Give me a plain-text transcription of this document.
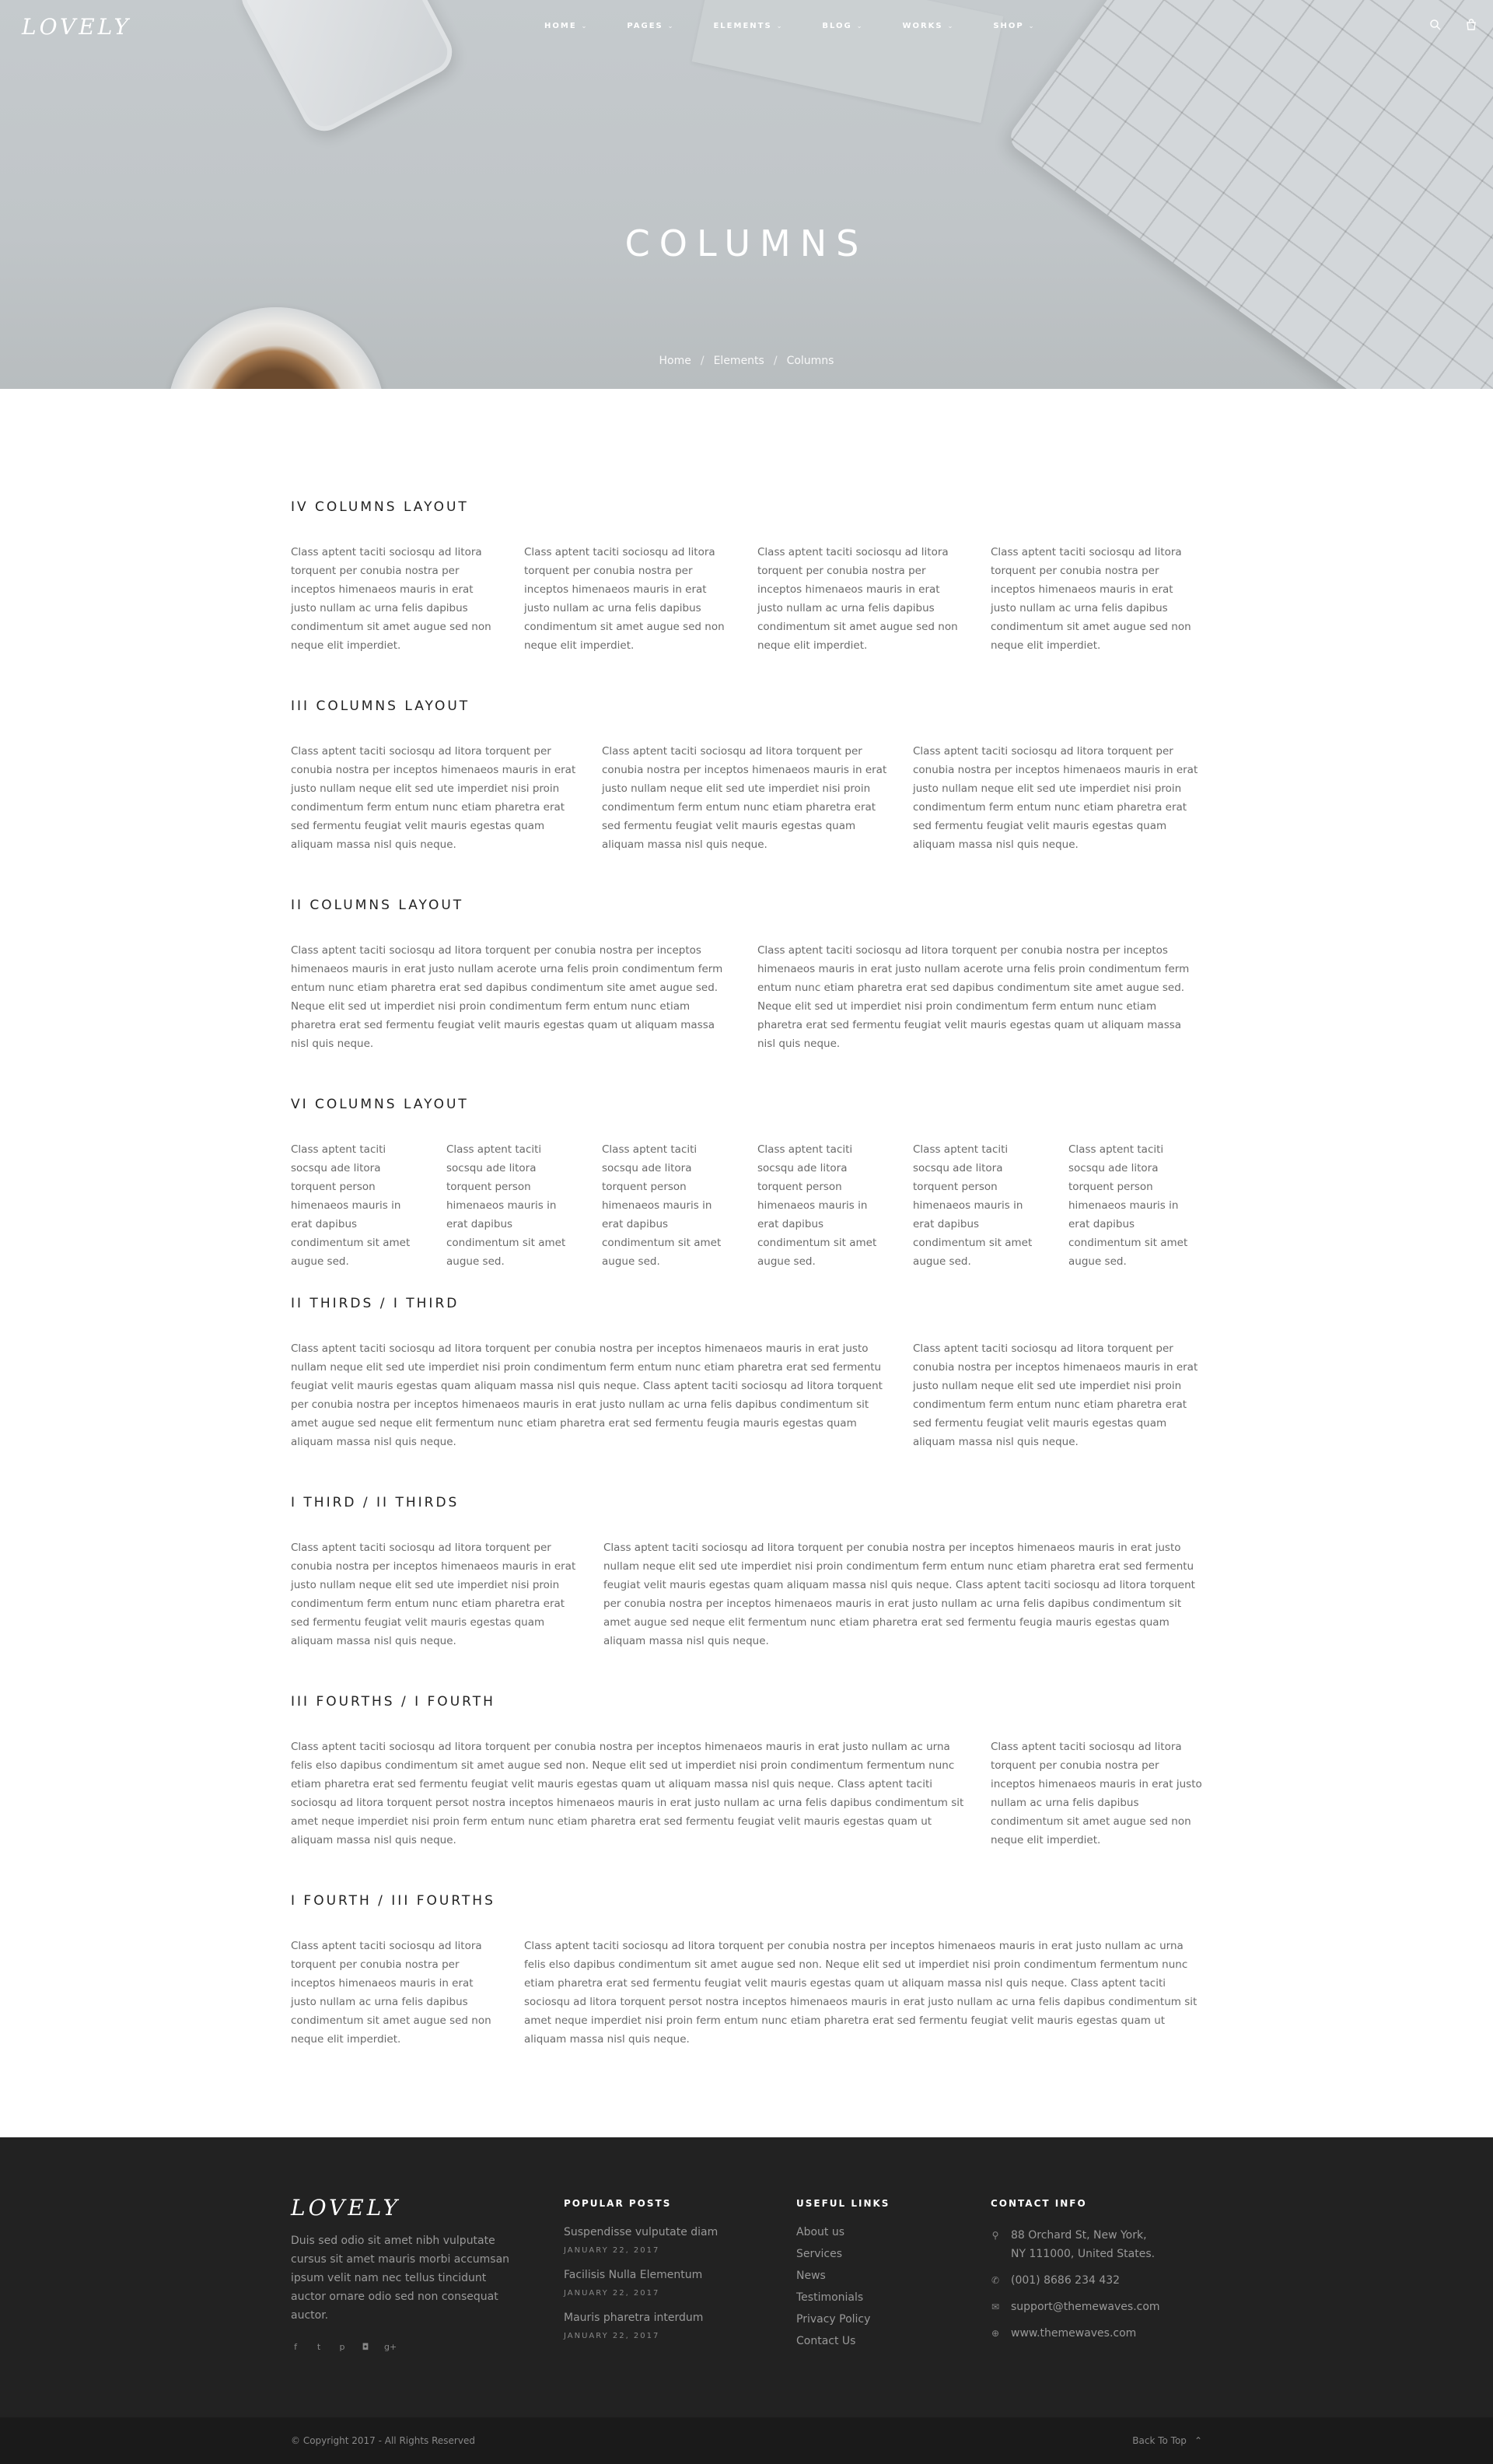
LOVELY	HOME ⌄	PAGES ⌄	ELEMENTS ⌄	BLOG ⌄	WORKS ⌄	SHOP ⌄
COLUMNS
Home / Elements / Columns
IV COLUMNS LAYOUT

Class aptent taciti sociosqu ad litora torquent per conubia nostra per inceptos himenaeos mauris in erat justo nullam ac urna felis dapibus condimentum sit amet augue sed non neque elit imperdiet.

Class aptent taciti sociosqu ad litora torquent per conubia nostra per inceptos himenaeos mauris in erat justo nullam ac urna felis dapibus condimentum sit amet augue sed non neque elit imperdiet.

Class aptent taciti sociosqu ad litora torquent per conubia nostra per inceptos himenaeos mauris in erat justo nullam ac urna felis dapibus condimentum sit amet augue sed non neque elit imperdiet.

Class aptent taciti sociosqu ad litora torquent per conubia nostra per inceptos himenaeos mauris in erat justo nullam ac urna felis dapibus condimentum sit amet augue sed non neque elit imperdiet.

III COLUMNS LAYOUT

Class aptent taciti sociosqu ad litora torquent per conubia nostra per inceptos himenaeos mauris in erat justo nullam neque elit sed ute imperdiet nisi proin condimentum ferm entum nunc etiam pharetra erat sed fermentu feugiat velit mauris egestas quam aliquam massa nisl quis neque.

Class aptent taciti sociosqu ad litora torquent per conubia nostra per inceptos himenaeos mauris in erat justo nullam neque elit sed ute imperdiet nisi proin condimentum ferm entum nunc etiam pharetra erat sed fermentu feugiat velit mauris egestas quam aliquam massa nisl quis neque.

Class aptent taciti sociosqu ad litora torquent per conubia nostra per inceptos himenaeos mauris in erat justo nullam neque elit sed ute imperdiet nisi proin condimentum ferm entum nunc etiam pharetra erat sed fermentu feugiat velit mauris egestas quam aliquam massa nisl quis neque.

II COLUMNS LAYOUT

Class aptent taciti sociosqu ad litora torquent per conubia nostra per inceptos himenaeos mauris in erat justo nullam acerote urna felis proin condimentum ferm entum nunc etiam pharetra erat sed dapibus condimentum site amet augue sed. Neque elit sed ut imperdiet nisi proin condimentum ferm entum nunc etiam pharetra erat sed fermentu feugiat velit mauris egestas quam ut aliquam massa nisl quis neque.

Class aptent taciti sociosqu ad litora torquent per conubia nostra per inceptos himenaeos mauris in erat justo nullam acerote urna felis proin condimentum ferm entum nunc etiam pharetra erat sed dapibus condimentum site amet augue sed. Neque elit sed ut imperdiet nisi proin condimentum ferm entum nunc etiam pharetra erat sed fermentu feugiat velit mauris egestas quam ut aliquam massa nisl quis neque.

VI COLUMNS LAYOUT

Class aptent taciti socsqu ade litora torquent person himenaeos mauris in erat dapibus condimentum sit amet augue sed.

Class aptent taciti socsqu ade litora torquent person himenaeos mauris in erat dapibus condimentum sit amet augue sed.

Class aptent taciti socsqu ade litora torquent person himenaeos mauris in erat dapibus condimentum sit amet augue sed.

Class aptent taciti socsqu ade litora torquent person himenaeos mauris in erat dapibus condimentum sit amet augue sed.

Class aptent taciti socsqu ade litora torquent person himenaeos mauris in erat dapibus condimentum sit amet augue sed.

Class aptent taciti socsqu ade litora torquent person himenaeos mauris in erat dapibus condimentum sit amet augue sed.

II THIRDS / I THIRD

Class aptent taciti sociosqu ad litora torquent per conubia nostra per inceptos himenaeos mauris in erat justo nullam neque elit sed ute imperdiet nisi proin condimentum ferm entum nunc etiam pharetra erat sed fermentu feugiat velit mauris egestas quam aliquam massa nisl quis neque. Class aptent taciti sociosqu ad litora torquent per conubia nostra per inceptos himenaeos mauris in erat justo nullam ac urna felis dapibus condimentum sit amet augue sed neque elit fermentum nunc etiam pharetra erat sed fermentu feugia mauris egestas quam aliquam massa nisl quis neque.

Class aptent taciti sociosqu ad litora torquent per conubia nostra per inceptos himenaeos mauris in erat justo nullam neque elit sed ute imperdiet nisi proin condimentum ferm entum nunc etiam pharetra erat sed fermentu feugiat velit mauris egestas quam aliquam massa nisl quis neque.

I THIRD / II THIRDS

Class aptent taciti sociosqu ad litora torquent per conubia nostra per inceptos himenaeos mauris in erat justo nullam neque elit sed ute imperdiet nisi proin condimentum ferm entum nunc etiam pharetra erat sed fermentu feugiat velit mauris egestas quam aliquam massa nisl quis neque.

Class aptent taciti sociosqu ad litora torquent per conubia nostra per inceptos himenaeos mauris in erat justo nullam neque elit sed ute imperdiet nisi proin condimentum ferm entum nunc etiam pharetra erat sed fermentu feugiat velit mauris egestas quam aliquam massa nisl quis neque. Class aptent taciti sociosqu ad litora torquent per conubia nostra per inceptos himenaeos mauris in erat justo nullam ac urna felis dapibus condimentum sit amet augue sed neque elit fermentum nunc etiam pharetra erat sed fermentu feugia mauris egestas quam aliquam massa nisl quis neque.

III FOURTHS / I FOURTH

Class aptent taciti sociosqu ad litora torquent per conubia nostra per inceptos himenaeos mauris in erat justo nullam ac urna felis elso dapibus condimentum sit amet augue sed non. Neque elit sed ut imperdiet nisi proin condimentum fermentum nunc etiam pharetra erat sed fermentu feugiat velit mauris egestas quam ut aliquam massa nisl quis neque. Class aptent taciti sociosqu ad litora torquent persot nostra inceptos himenaeos mauris in erat justo nullam ac urna felis dapibus condimentum sit amet neque imperdiet nisi proin ferm entum nunc etiam pharetra erat sed fermentu feugiat velit mauris egestas quam ut aliquam massa nisl quis neque.

Class aptent taciti sociosqu ad litora torquent per conubia nostra per inceptos himenaeos mauris in erat justo nullam ac urna felis dapibus condimentum sit amet augue sed non neque elit imperdiet.

I FOURTH / III FOURTHS

Class aptent taciti sociosqu ad litora torquent per conubia nostra per inceptos himenaeos mauris in erat justo nullam ac urna felis dapibus condimentum sit amet augue sed non neque elit imperdiet.

Class aptent taciti sociosqu ad litora torquent per conubia nostra per inceptos himenaeos mauris in erat justo nullam ac urna felis elso dapibus condimentum sit amet augue sed non. Neque elit sed ut imperdiet nisi proin condimentum fermentum nunc etiam pharetra erat sed fermentu feugiat velit mauris egestas quam ut aliquam massa nisl quis neque. Class aptent taciti sociosqu ad litora torquent persot nostra inceptos himenaeos mauris in erat justo nullam ac urna felis dapibus condimentum sit amet neque imperdiet nisi proin ferm entum nunc etiam pharetra erat sed fermentu feugiat velit mauris egestas quam ut aliquam massa nisl quis neque.

LOVELY
Duis sed odio sit amet nibh vulputate cursus sit amet mauris morbi accumsan ipsum velit nam nec tellus tincidunt auctor ornare odio sed non consequat auctor.
f	t	p ◘ g+
POPULAR POSTS
Suspendisse vulputate diam
JANUARY 22, 2017
Facilisis Nulla Elementum
JANUARY 22, 2017
Mauris pharetra interdum
JANUARY 22, 2017
USEFUL LINKS
About us
Services
News
Testimonials
Privacy Policy
Contact Us
CONTACT INFO
⚲ 88 Orchard St, New York,
NY 111000, United States.
✆ (001) 8686 234 432
✉ support@themewaves.com
⊕ www.themewaves.com
© Copyright 2017 - All Rights Reserved	Back To Top ⌃
